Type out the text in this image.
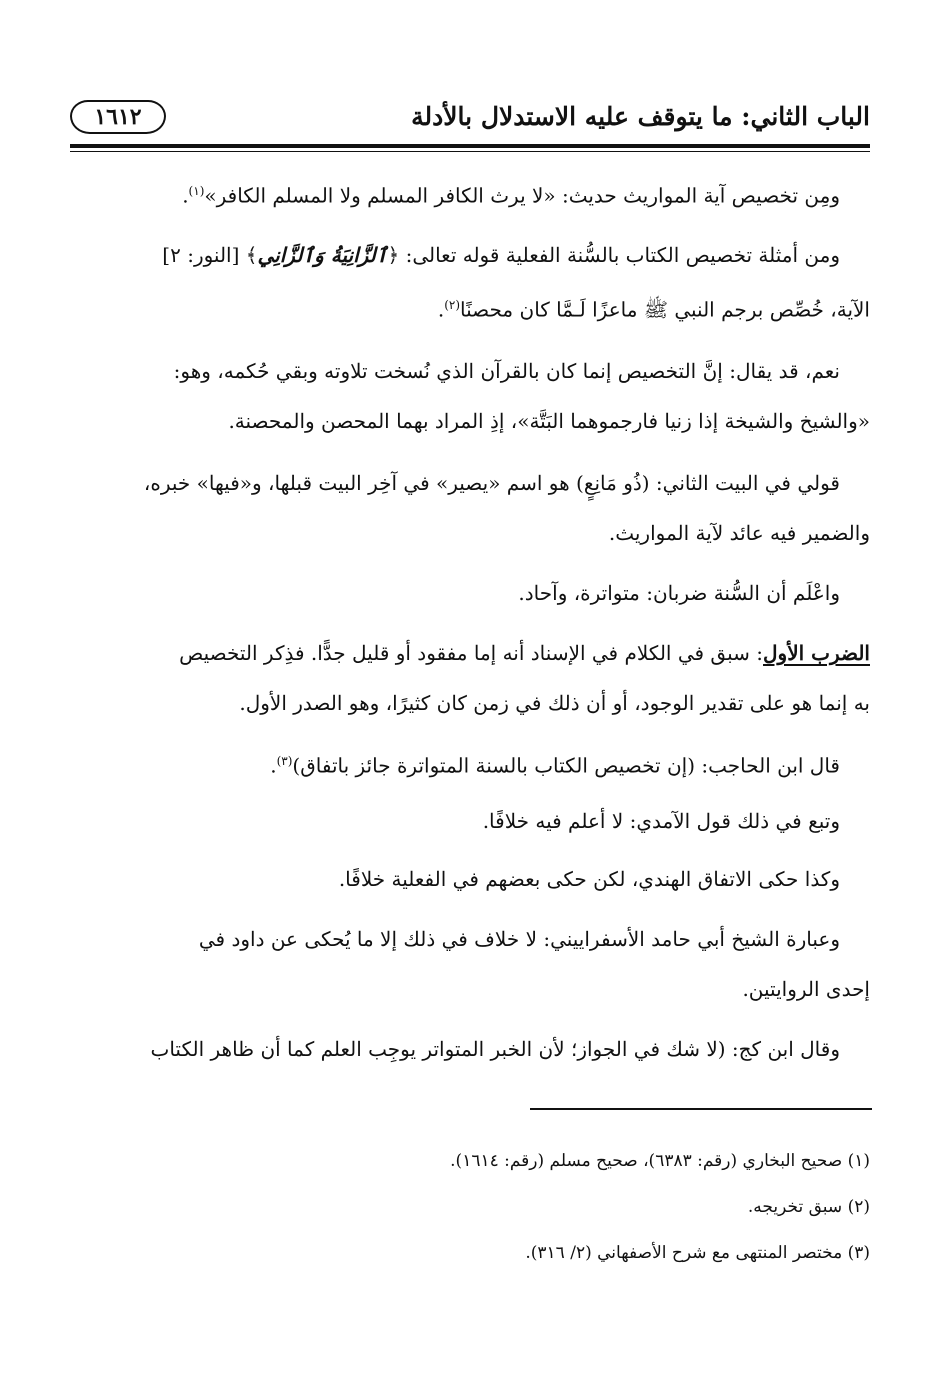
الباب الثاني: ما يتوقف عليه الاستدلال بالأدلة
١٦١٢
ومِن تخصيص آية المواريث حديث: «لا يرث الكافر المسلم ولا المسلم الكافر»$^{(١)}$.
ومن أمثلة تخصيص الكتاب بالسُّنة الفعلية قوله تعالى: ﴿ٱلزَّانِيَةُ وَٱلزَّانِي﴾ [النور: ٢]
الآية، خُصِّص برجم النبي ﷺ ماعزًا لَـمَّا كان محصنًا$^{(٢)}$.
نعم، قد يقال: إنَّ التخصيص إنما كان بالقرآن الذي نُسخت تلاوته وبقي حُكمه، وهو:
«والشيخ والشيخة إذا زنيا فارجموهما البَتَّة»، إذِ المراد بهما المحصن والمحصنة.
قولي في البيت الثاني: (ذُو مَانِعٍ) هو اسم «يصير» في آخِر البيت قبلها، و«فيها» خبره،
والضمير فيه عائد لآية المواريث.
واعْلَم أن السُّنة ضربان: متواترة، وآحاد.
الضرب الأول: سبق في الكلام في الإسناد أنه إما مفقود أو قليل جدًّا. فذِكر التخصيص
به إنما هو على تقدير الوجود، أو أن ذلك في زمن كان كثيرًا، وهو الصدر الأول.
قال ابن الحاجب: (إن تخصيص الكتاب بالسنة المتواترة جائز باتفاق)$^{(٣)}$.
وتبع في ذلك قول الآمدي: لا أعلم فيه خلافًا.
وكذا حكى الاتفاق الهندي، لكن حكى بعضهم في الفعلية خلافًا.
وعبارة الشيخ أبي حامد الأسفراييني: لا خلاف في ذلك إلا ما يُحكى عن داود في
إحدى الروايتين.
وقال ابن كج: (لا شك في الجواز؛ لأن الخبر المتواتر يوجِب العلم كما أن ظاهر الكتاب
(١) صحيح البخاري (رقم: ٦٣٨٣)، صحيح مسلم (رقم: ١٦١٤).
(٢) سبق تخريجه.
(٣) مختصر المنتهى مع شرح الأصفهاني (٢/ ٣١٦).
